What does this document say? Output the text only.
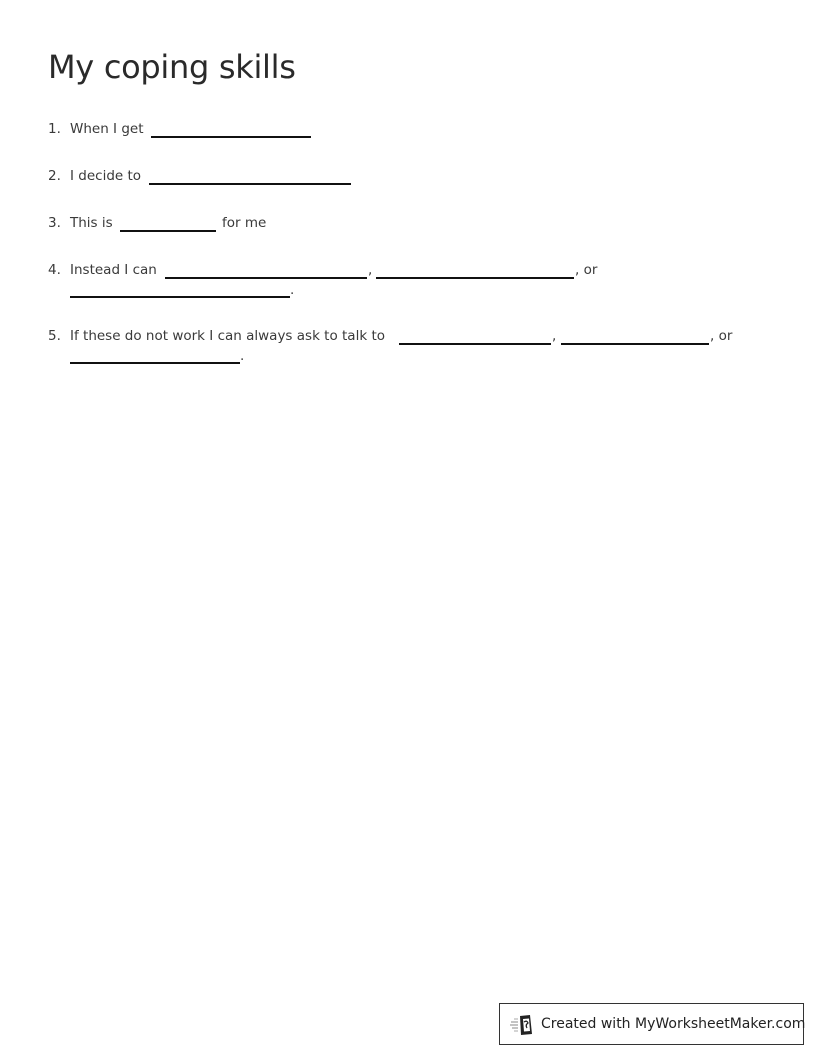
My coping skills
1. When I get
2. I decide to
3. This is	for me
4. Instead I can	,	, or
.
5. If these do not work I can always ask to talk to	,	, or
.
Created with MyWorksheetMaker.com
